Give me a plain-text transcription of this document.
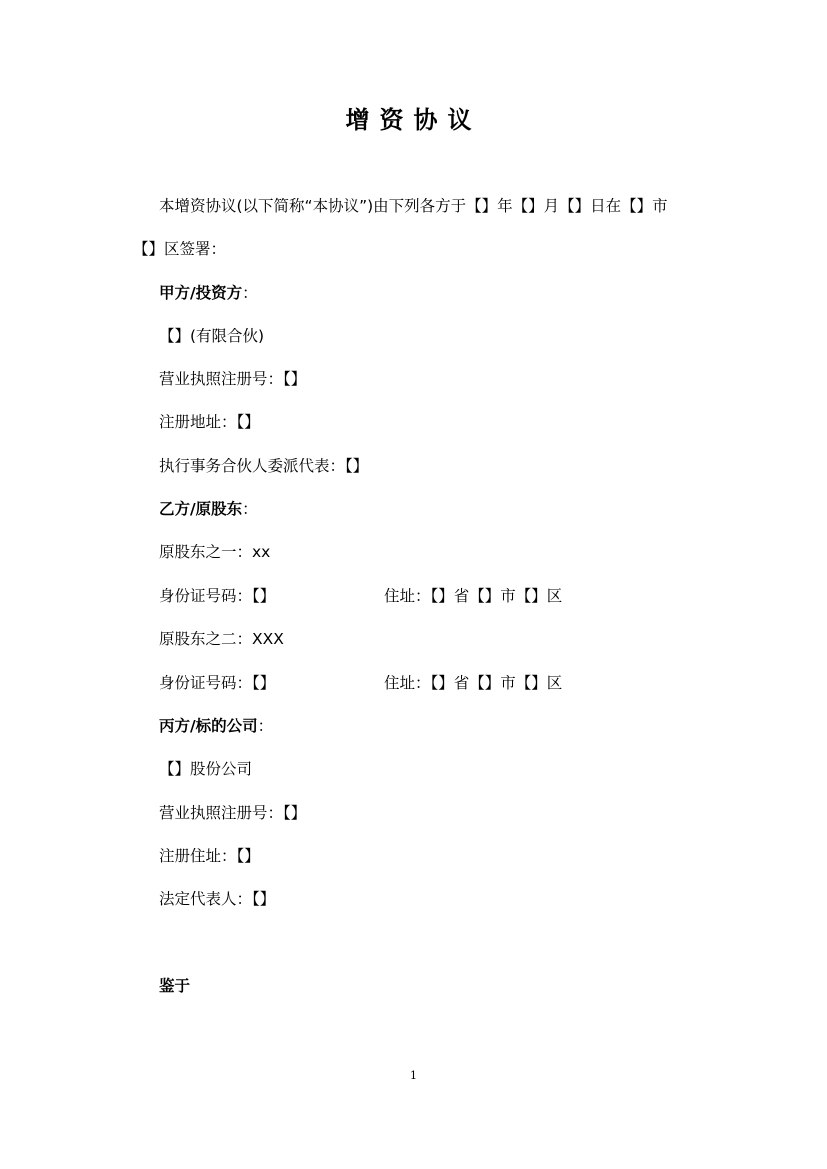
增资协议
本增资协议(以下简称“本协议”)由下列各方于【】年【】月【】日在【】市
【】区签署：
甲方/投资方：
【】(有限合伙)
营业执照注册号：【】
注册地址：【】
执行事务合伙人委派代表：【】
乙方/原股东：
原股东之一：xx
身份证号码：【】	住址：【】省【】市【】区
原股东之二：XXX
身份证号码：【】	住址：【】省【】市【】区
丙方/标的公司：
【】股份公司
营业执照注册号：【】
注册住址：【】
法定代表人：【】
鉴于
1
